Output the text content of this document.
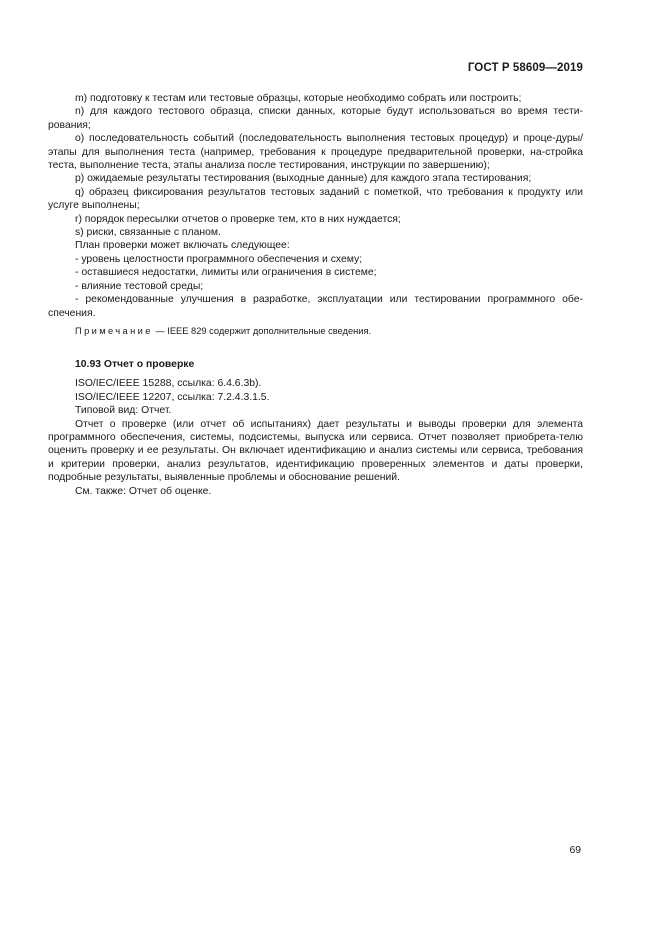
ГОСТ Р 58609—2019

m) подготовку к тестам или тестовые образцы, которые необходимо собрать или построить;

n) для каждого тестового образца, списки данных, которые будут использоваться во время тести-рования;

o) последовательность событий (последовательность выполнения тестовых процедур) и проце-дуры/этапы для выполнения теста (например, требования к процедуре предварительной проверки, на-стройка теста, выполнение теста, этапы анализа после тестирования, инструкции по завершению);

p) ожидаемые результаты тестирования (выходные данные) для каждого этапа тестирования;

q) образец фиксирования результатов тестовых заданий с пометкой, что требования к продукту или услуге выполнены;

r) порядок пересылки отчетов о проверке тем, кто в них нуждается;

s) риски, связанные с планом.

План проверки может включать следующее:

- уровень целостности программного обеспечения и схему;

- оставшиеся недостатки, лимиты или ограничения в системе;

- влияние тестовой среды;

- рекомендованные улучшения в разработке, эксплуатации или тестировании программного обе-спечения.

Примечание — IEEE 829 содержит дополнительные сведения.

10.93 Отчет о проверке

ISO/IEC/IEEE 15288, ссылка: 6.4.6.3b).

ISO/IEC/IEEE 12207, ссылка: 7.2.4.3.1.5.

Типовой вид: Отчет.

Отчет о проверке (или отчет об испытаниях) дает результаты и выводы проверки для элемента программного обеспечения, системы, подсистемы, выпуска или сервиса. Отчет позволяет приобрета-телю оценить проверку и ее результаты. Он включает идентификацию и анализ системы или сервиса, требования и критерии проверки, анализ результатов, идентификацию проверенных элементов и даты проверки, подробные результаты, выявленные проблемы и обоснование решений.

См. также: Отчет об оценке.

69
